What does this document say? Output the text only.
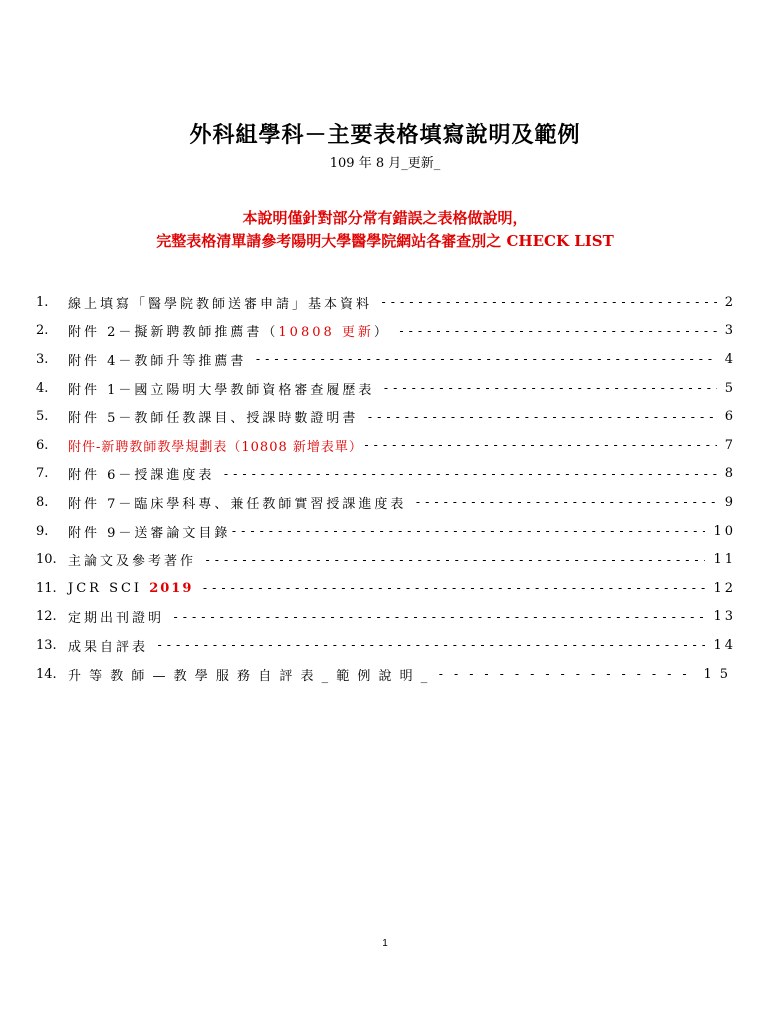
外科組學科－主要表格填寫說明及範例
109 年 8 月_更新_
本說明僅針對部分常有錯誤之表格做說明，
完整表格清單請參考陽明大學醫學院網站各審查別之 CHECK LIST
1.	線上填寫「醫學院教師送審申請」基本資料 -----	2
2.	附件 2－擬新聘教師推薦書（10808 更新） -----	3
3.	附件 4－教師升等推薦書 -----	4
4.	附件 1－國立陽明大學教師資格審查履歷表 -----	5
5.	附件 5－教師任教課目、授課時數證明書 -----	6
6.	附件-新聘教師教學規劃表（10808 新增表單） -----	7
7.	附件 6－授課進度表 -----	8
8.	附件 7－臨床學科專、兼任教師實習授課進度表 -----	9
9.	附件 9－送審論文目錄 -----	10
10. 主論文及參考著作 -----	11
11. JCR SCI 2019 -----	12
12. 定期出刊證明 -----	13
13. 成果自評表 -----	14
14. 升 等 教 師 — 教 學 服 務 自 評 表 _ 範 例 說 明 _ -----	15
1
